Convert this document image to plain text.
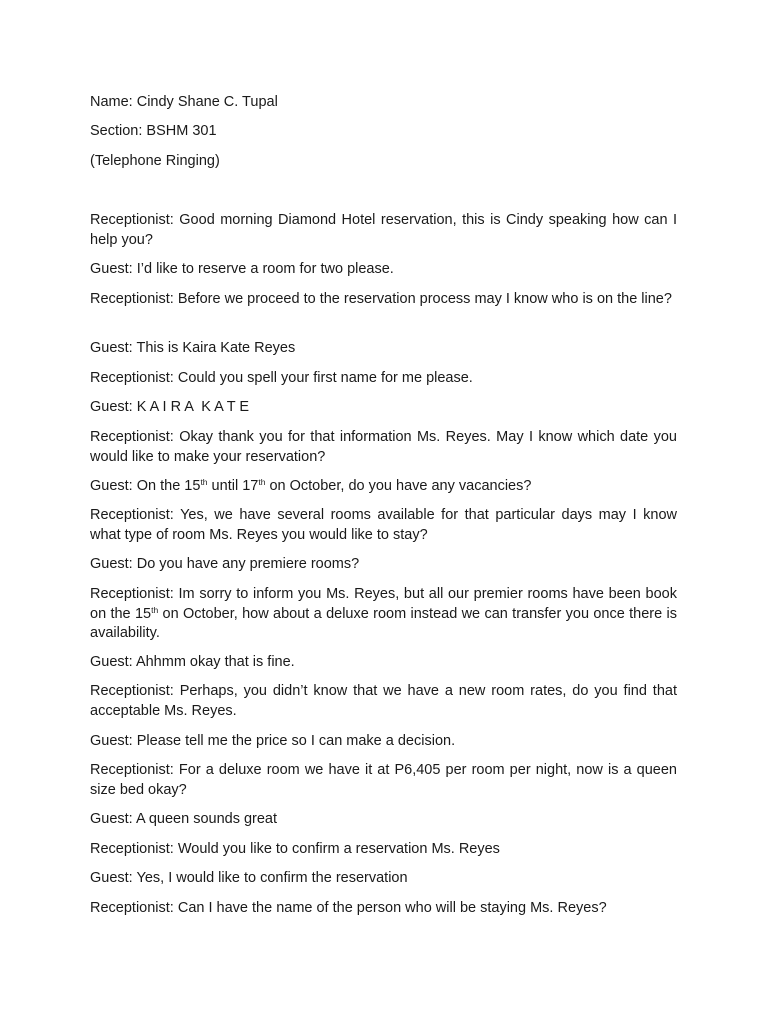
Name: Cindy Shane C. Tupal

Section: BSHM 301

(Telephone Ringing)

Receptionist: Good morning Diamond Hotel reservation, this is Cindy speaking how can I help you?

Guest: I’d like to reserve a room for two please.

Receptionist: Before we proceed to the reservation process may I know who is on the line?

Guest: This is Kaira Kate Reyes

Receptionist: Could you spell your first name for me please.

Guest: K A I R A  K A T E

Receptionist: Okay thank you for that information Ms. Reyes. May I know which date you would like to make your reservation?

Guest: On the 15th until 17th on October, do you have any vacancies?

Receptionist: Yes, we have several rooms available for that particular days may I know what type of room Ms. Reyes you would like to stay?

Guest: Do you have any premiere rooms?

Receptionist: Im sorry to inform you Ms. Reyes, but all our premier rooms have been book on the 15th on October, how about a deluxe room instead we can transfer you once there is availability.

Guest: Ahhmm okay that is fine.

Receptionist: Perhaps, you didn’t know that we have a new room rates, do you find that acceptable Ms. Reyes.

Guest: Please tell me the price so I can make a decision.

Receptionist: For a deluxe room we have it at P6,405 per room per night, now is a queen size bed okay?

Guest: A queen sounds great

Receptionist: Would you like to confirm a reservation Ms. Reyes

Guest: Yes, I would like to confirm the reservation

Receptionist: Can I have the name of the person who will be staying Ms. Reyes?
